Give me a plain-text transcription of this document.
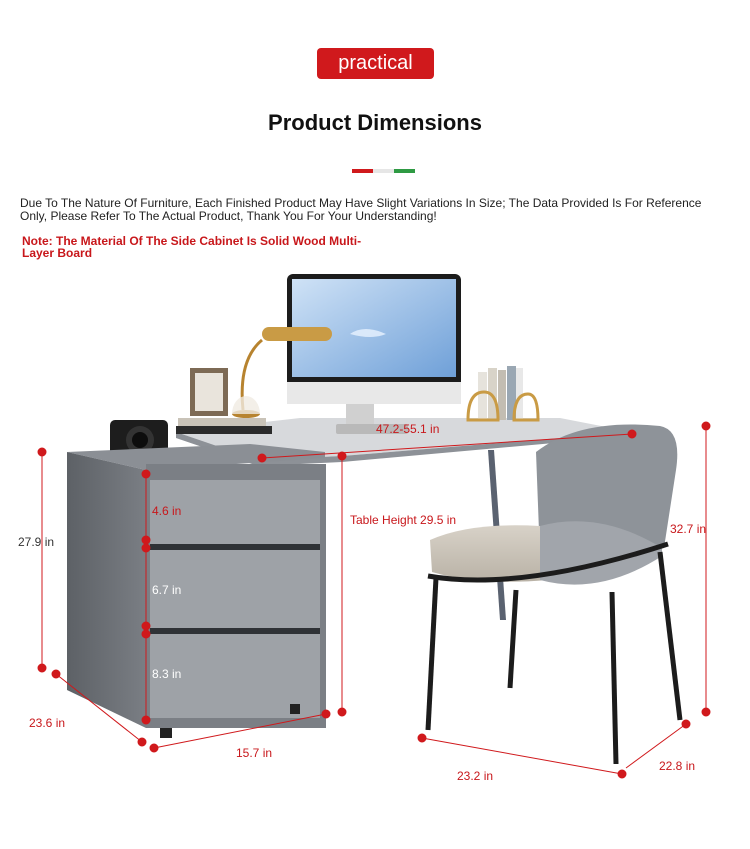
practical
Product Dimensions
Due To The Nature Of Furniture, Each Finished Product May Have Slight Variations In Size; The Data Provided Is For Reference Only, Please Refer To The Actual Product, Thank You For Your Understanding!
Note: The Material Of The Side Cabinet Is Solid Wood Multi-Layer Board
27.9 in
23.6 in
15.7 in
4.6 in
6.7 in
8.3 in
Table Height 29.5 in
47.2-55.1 in
32.7 in
23.2 in
22.8 in
